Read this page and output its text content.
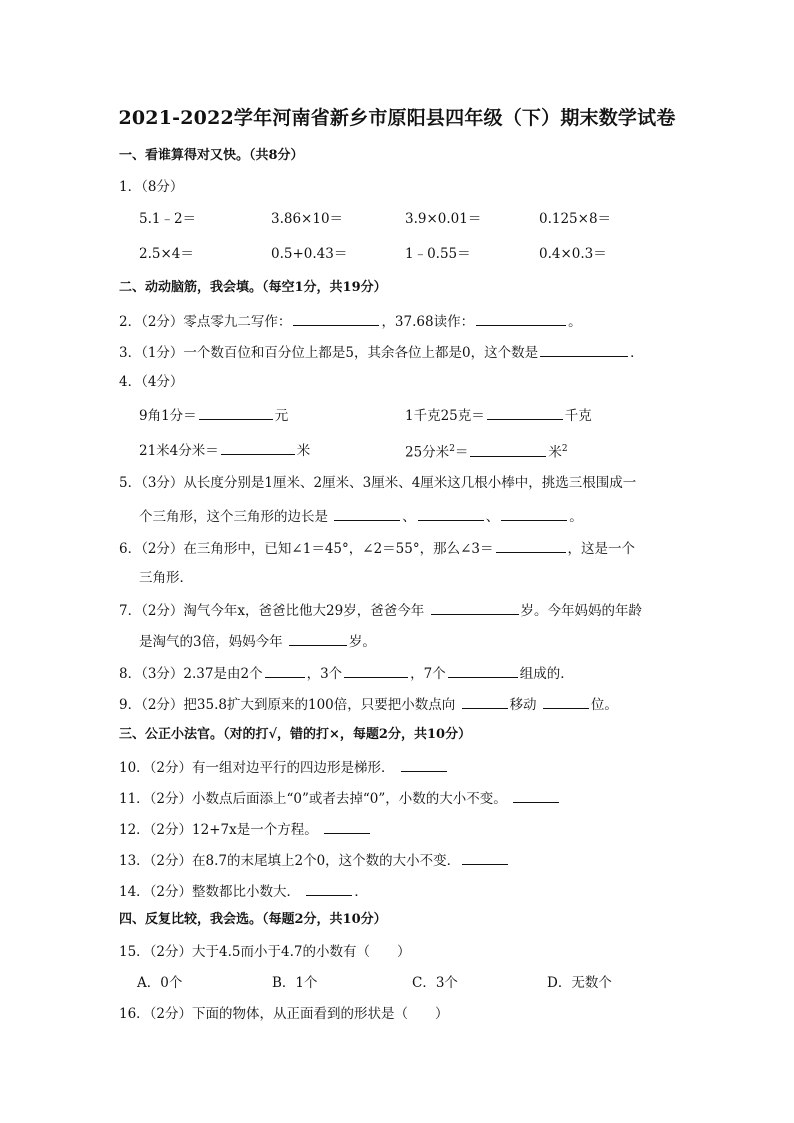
2021-2022学年河南省新乡市原阳县四年级（下）期末数学试卷
一、看谁算得对又快。（共8分）
1．（8分）
5.1﹣2＝	3.86×10＝	3.9×0.01＝	0.125×8＝
2.5×4＝	0.5+0.43＝	1﹣0.55＝	0.4×0.3＝
二、动动脑筋，我会填。（每空1分，共19分）
2．（2分）零点零九二写作：	，37.68读作：	。
3．（1分）一个数百位和百分位上都是5，其余各位上都是0，这个数是	．
4．（4分）
9角1分＝	元	1千克25克＝	千克
21米4分米＝	米	25分米$^2$＝	米$^2$
5．（3分）从长度分别是1厘米、2厘米、3厘米、4厘米这几根小棒中，挑选三根围成一
个三角形，这个三角形的边长是	、	、	。
6．（2分）在三角形中，已知∠1＝45°，∠2＝55°，那么∠3＝	，这是一个
三角形．
7．（2分）淘气今年x，爸爸比他大29岁，爸爸今年	岁。今年妈妈的年龄
是淘气的3倍，妈妈今年	岁。
8．（3分）2.37是由2个	，3个	，7个	组成的．
9．（2分）把35.8扩大到原来的100倍，只要把小数点向	移动	位。
三、公正小法官。（对的打√，错的打×，每题2分，共10分）
10．（2分）有一组对边平行的四边形是梯形．
11．（2分）小数点后面添上“0”或者去掉“0”，小数的大小不变。
12．（2分）12+7x是一个方程。
13．（2分）在8.7的末尾填上2个0，这个数的大小不变．
14．（2分）整数都比小数大．	．
四、反复比较，我会选。（每题2分，共10分）
15．（2分）大于4.5而小于4.7的小数有（　　）
A．0个	B．1个	C．3个	D．无数个
16．（2分）下面的物体，从正面看到的形状是（　　）
